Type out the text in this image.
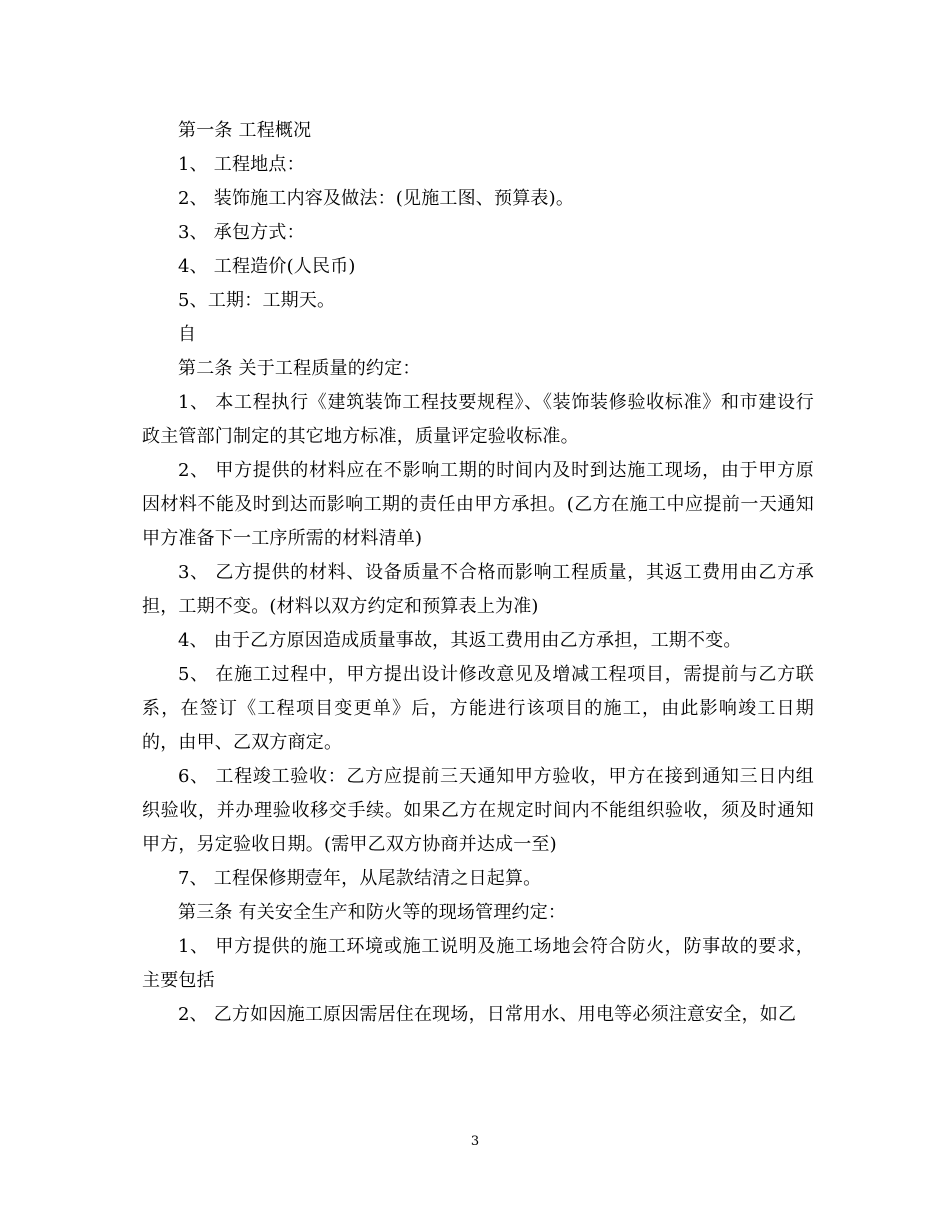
第一条 工程概况

1、 工程地点：

2、 装饰施工内容及做法：(见施工图、预算表)。

3、 承包方式：

4、 工程造价(人民币)

5、工期：工期天。

自

第二条 关于工程质量的约定：

1、 本工程执行《建筑装饰工程技要规程》、《装饰装修验收标准》和市建设行政主管部门制定的其它地方标准，质量评定验收标准。

2、 甲方提供的材料应在不影响工期的时间内及时到达施工现场，由于甲方原因材料不能及时到达而影响工期的责任由甲方承担。(乙方在施工中应提前一天通知甲方准备下一工序所需的材料清单)

3、 乙方提供的材料、设备质量不合格而影响工程质量，其返工费用由乙方承担，工期不变。(材料以双方约定和预算表上为准)

4、 由于乙方原因造成质量事故，其返工费用由乙方承担，工期不变。

5、 在施工过程中，甲方提出设计修改意见及增减工程项目，需提前与乙方联系，在签订《工程项目变更单》后，方能进行该项目的施工，由此影响竣工日期的，由甲、乙双方商定。

6、 工程竣工验收：乙方应提前三天通知甲方验收，甲方在接到通知三日内组织验收，并办理验收移交手续。如果乙方在规定时间内不能组织验收，须及时通知甲方，另定验收日期。(需甲乙双方协商并达成一至)

7、 工程保修期壹年，从尾款结清之日起算。

第三条 有关安全生产和防火等的现场管理约定：

1、 甲方提供的施工环境或施工说明及施工场地会符合防火，防事故的要求，主要包括

2、 乙方如因施工原因需居住在现场，日常用水、用电等必须注意安全，如乙

3
